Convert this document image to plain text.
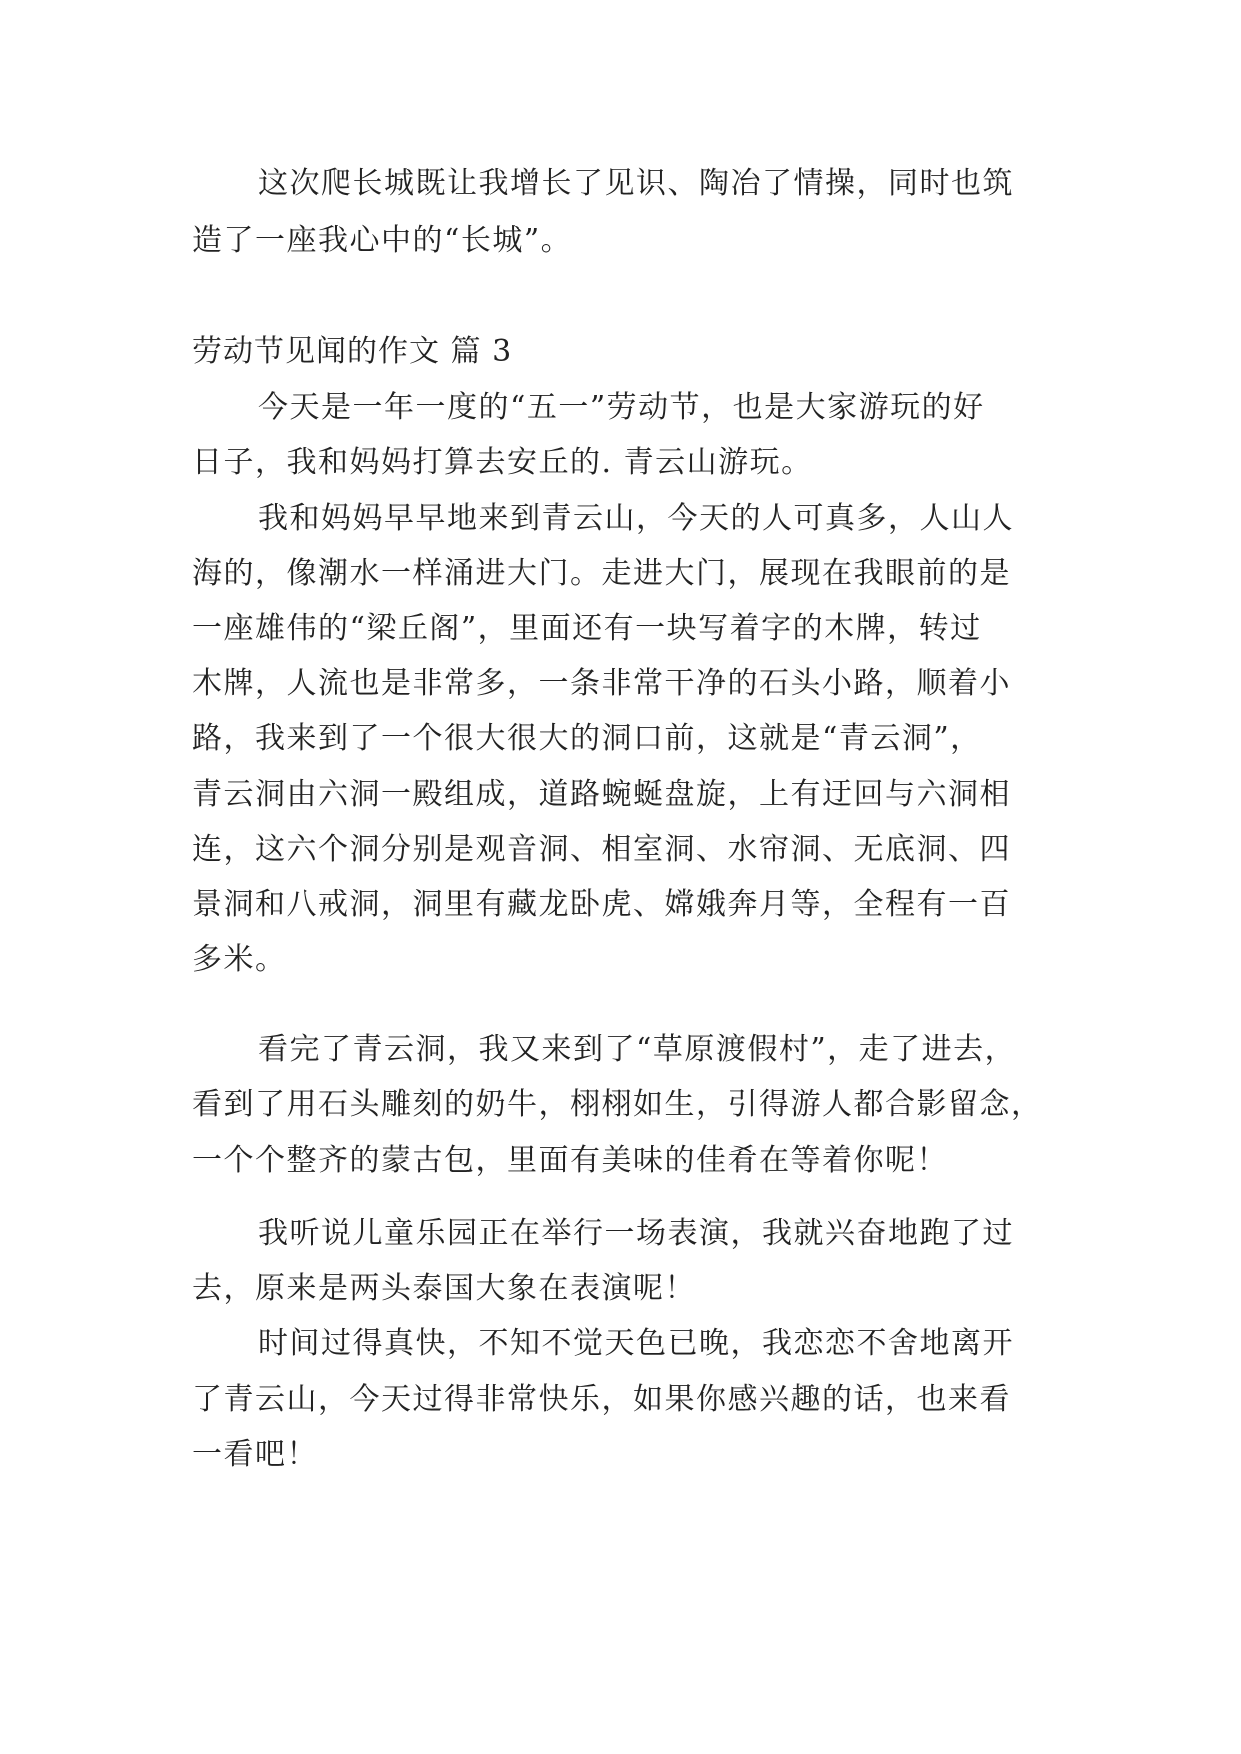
这次爬长城既让我增长了见识、陶冶了情操，同时也筑
造了一座我心中的“长城”。
劳动节见闻的作文 篇 3
今天是一年一度的“五一”劳动节，也是大家游玩的好
日子，我和妈妈打算去安丘的. 青云山游玩。
我和妈妈早早地来到青云山，今天的人可真多，人山人
海的，像潮水一样涌进大门。走进大门，展现在我眼前的是
一座雄伟的“梁丘阁”，里面还有一块写着字的木牌，转过
木牌，人流也是非常多，一条非常干净的石头小路，顺着小
路，我来到了一个很大很大的洞口前，这就是“青云洞”，
青云洞由六洞一殿组成，道路蜿蜒盘旋，上有迂回与六洞相
连，这六个洞分别是观音洞、相室洞、水帘洞、无底洞、四
景洞和八戒洞，洞里有藏龙卧虎、嫦娥奔月等，全程有一百
多米。
看完了青云洞，我又来到了“草原渡假村”，走了进去，
看到了用石头雕刻的奶牛，栩栩如生，引得游人都合影留念，
一个个整齐的蒙古包，里面有美味的佳肴在等着你呢！
我听说儿童乐园正在举行一场表演，我就兴奋地跑了过
去，原来是两头泰国大象在表演呢！
时间过得真快，不知不觉天色已晚，我恋恋不舍地离开
了青云山，今天过得非常快乐，如果你感兴趣的话，也来看
一看吧！
